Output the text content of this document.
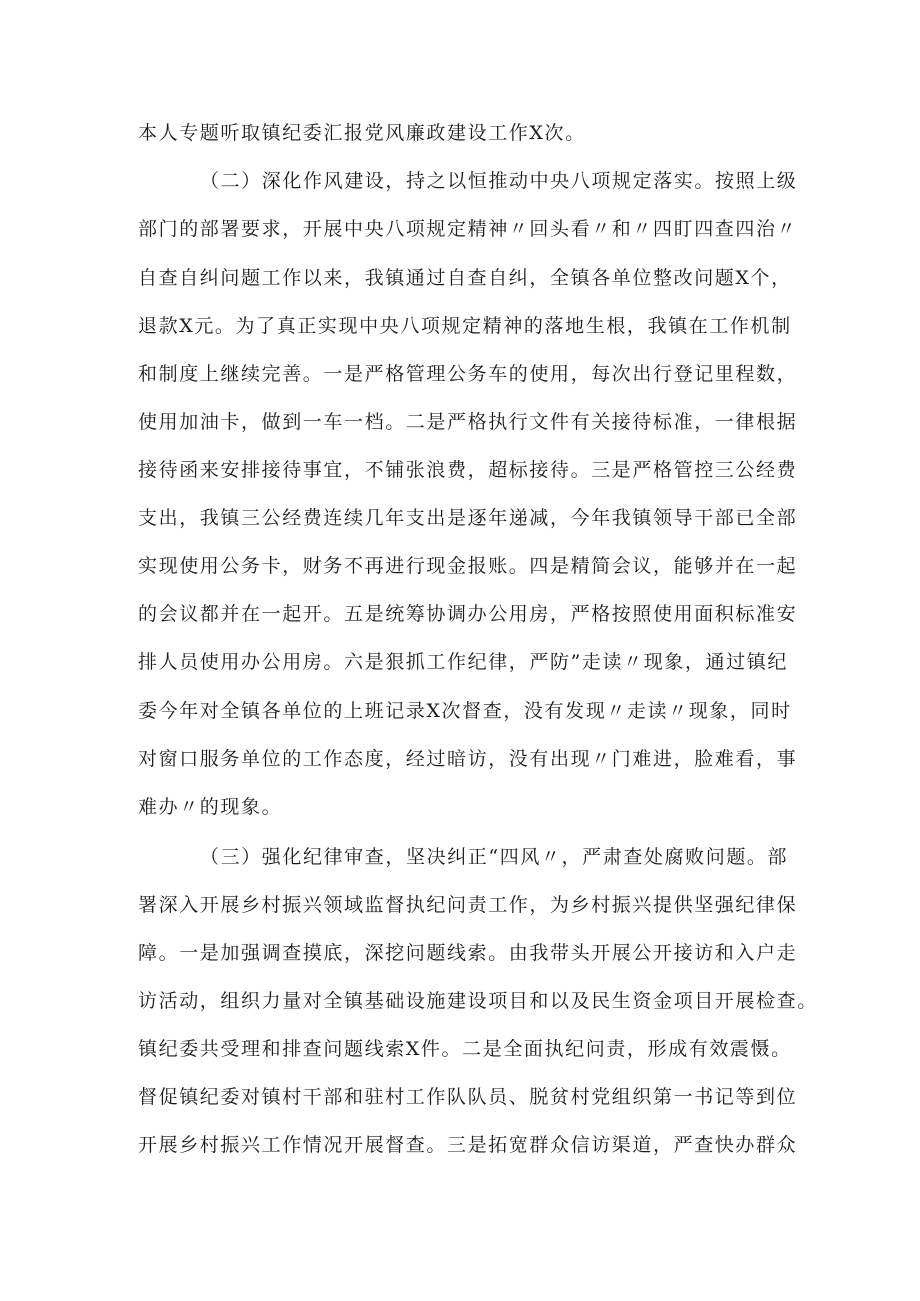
本人专题听取镇纪委汇报党风廉政建设工作X次。
（二）深化作风建设，持之以恒推动中央八项规定落实。按照上级
部门的部署要求，开展中央八项规定精神〃回头看〃和〃四盯四查四治〃
自查自纠问题工作以来，我镇通过自查自纠，全镇各单位整改问题X个，
退款X元。为了真正实现中央八项规定精神的落地生根，我镇在工作机制
和制度上继续完善。一是严格管理公务车的使用，每次出行登记里程数，
使用加油卡，做到一车一档。二是严格执行文件有关接待标准，一律根据
接待函来安排接待事宜，不铺张浪费，超标接待。三是严格管控三公经费
支出，我镇三公经费连续几年支出是逐年递减，今年我镇领导干部已全部
实现使用公务卡，财务不再进行现金报账。四是精简会议，能够并在一起
的会议都并在一起开。五是统筹协调办公用房，严格按照使用面积标准安
排人员使用办公用房。六是狠抓工作纪律，严防”走读〃现象，通过镇纪
委今年对全镇各单位的上班记录X次督查，没有发现〃走读〃现象，同时
对窗口服务单位的工作态度，经过暗访，没有出现〃门难进，脸难看，事
难办〃的现象。
（三）强化纪律审查，坚决纠正“四风〃，严肃查处腐败问题。部
署深入开展乡村振兴领域监督执纪问责工作，为乡村振兴提供坚强纪律保
障。一是加强调查摸底，深挖问题线索。由我带头开展公开接访和入户走
访活动，组织力量对全镇基础设施建设项目和以及民生资金项目开展检查。
镇纪委共受理和排查问题线索X件。二是全面执纪问责，形成有效震慑。
督促镇纪委对镇村干部和驻村工作队队员、脱贫村党组织第一书记等到位
开展乡村振兴工作情况开展督查。三是拓宽群众信访渠道，严查快办群众
